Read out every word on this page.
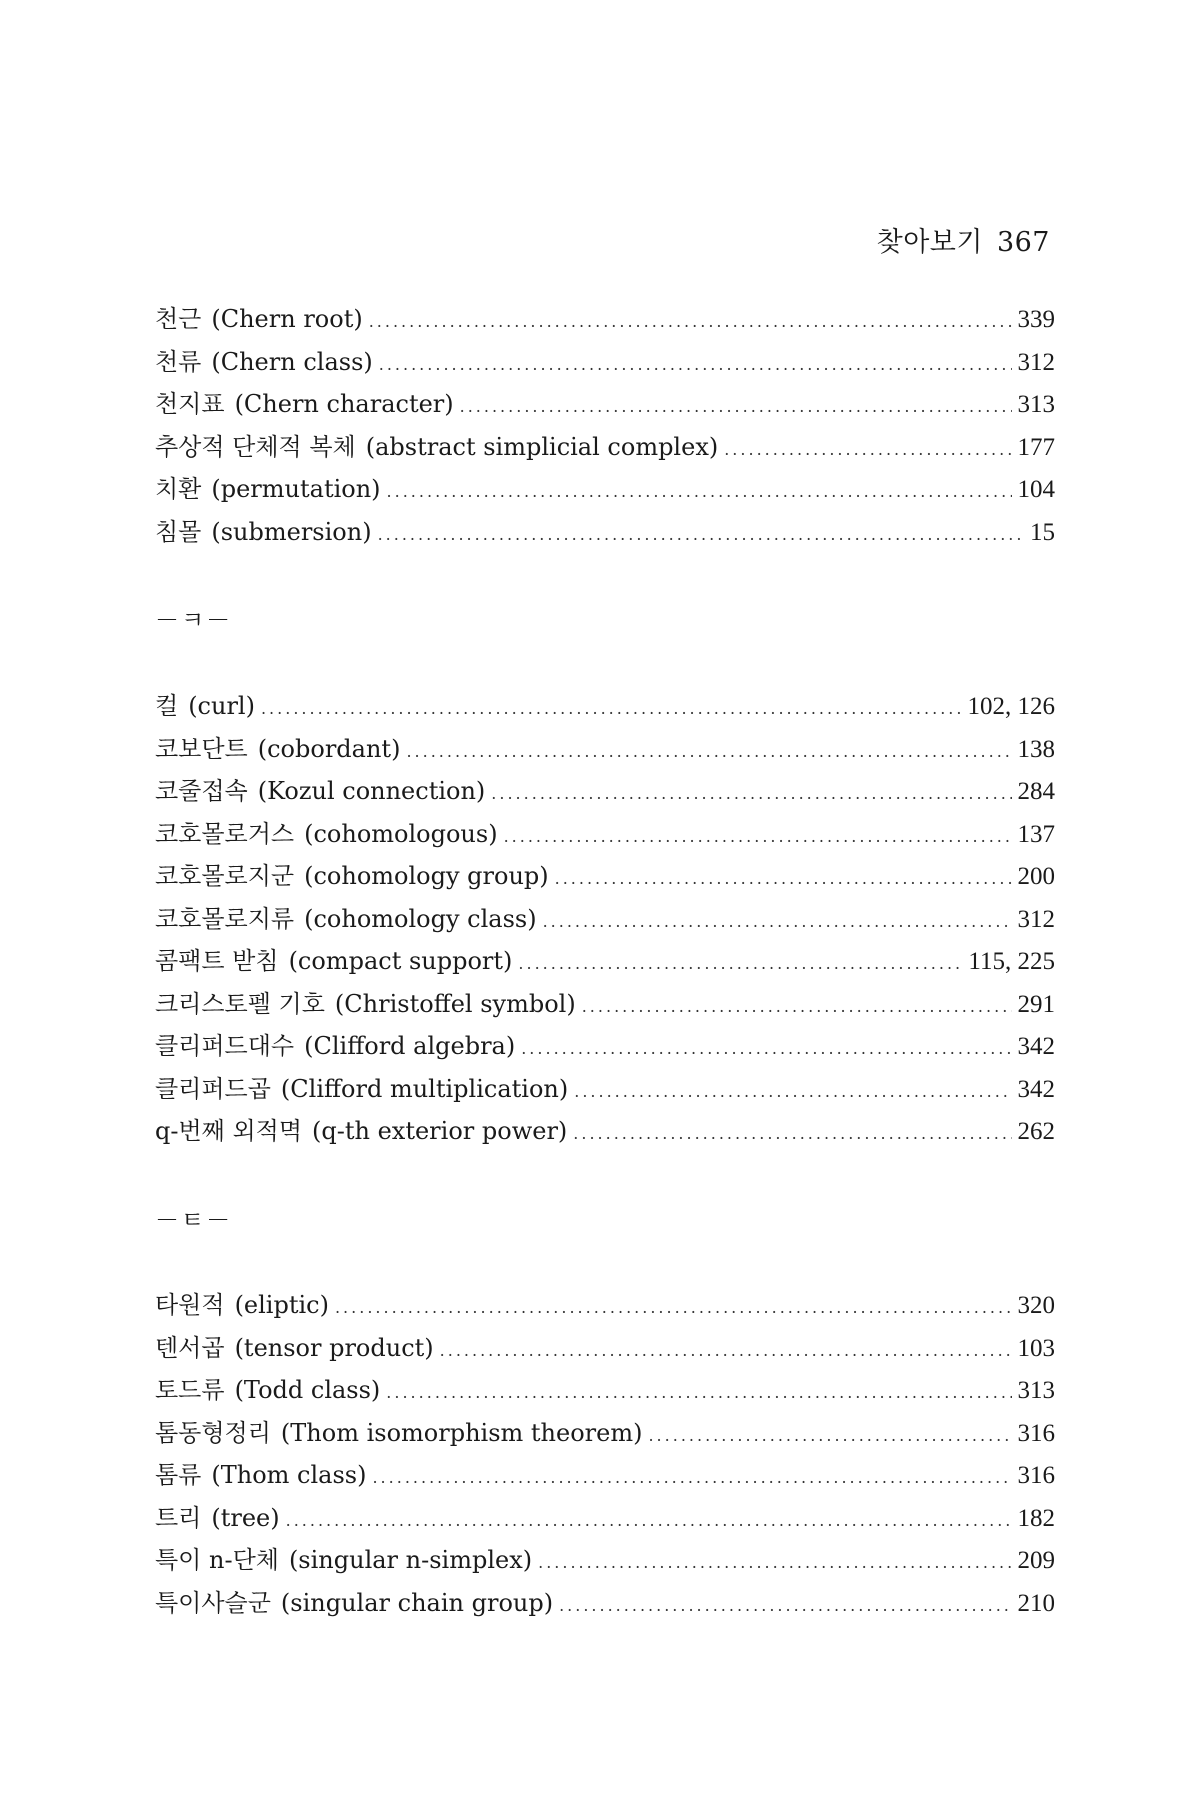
찾아보기 367
천근 (Chern root) .....	339
천류 (Chern class) .....	312
천지표 (Chern character) .....	313
추상적 단체적 복체 (abstract simplicial complex) .....	177
치환 (permutation) .....	104
침몰 (submersion) .....	15
－ㅋ－
컬 (curl) .....	102, 126
코보단트 (cobordant) .....	138
코줄접속 (Kozul connection) .....	284
코호몰로거스 (cohomologous) .....	137
코호몰로지군 (cohomology group) .....	200
코호몰로지류 (cohomology class) .....	312
콤팩트 받침 (compact support) .....	115, 225
크리스토펠 기호 (Christoffel symbol) .....	291
클리퍼드대수 (Clifford algebra) .....	342
클리퍼드곱 (Clifford multiplication) .....	342
q-번째 외적멱 (q-th exterior power) .....	262
－ㅌ－
타원적 (eliptic) .....	320
텐서곱 (tensor product) .....	103
토드류 (Todd class) .....	313
톰동형정리 (Thom isomorphism theorem) .....	316
톰류 (Thom class) .....	316
트리 (tree) .....	182
특이 n-단체 (singular n-simplex) .....	209
특이사슬군 (singular chain group) .....	210
